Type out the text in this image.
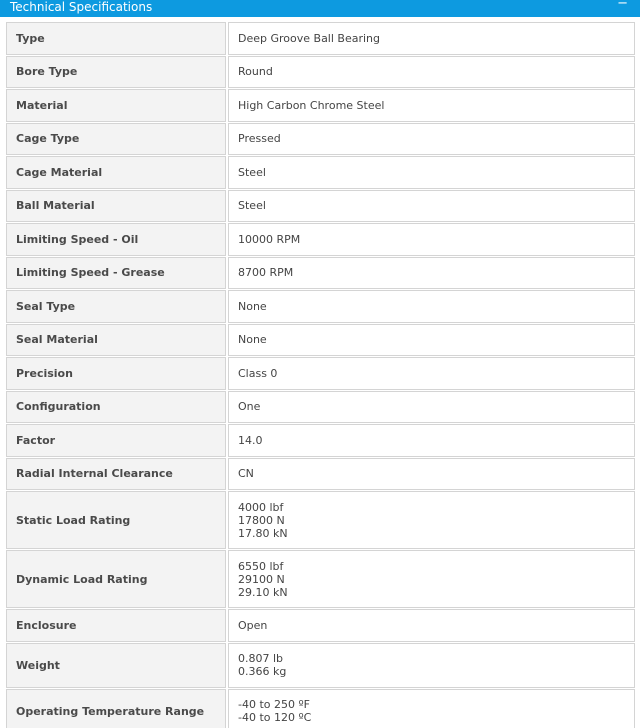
Technical Specifications	−
Type	Deep Groove Ball Bearing

Bore Type	Round

Material	High Carbon Chrome Steel

Cage Type	Pressed

Cage Material	Steel

Ball Material	Steel

Limiting Speed - Oil	10000 RPM

Limiting Speed - Grease	8700 RPM

Seal Type	None

Seal Material	None

Precision	Class 0

Configuration	One

Factor	14.0

Radial Internal Clearance	CN

Static Load Rating	4000 lbf
17800 N
17.80 kN

Dynamic Load Rating	6550 lbf
29100 N
29.10 kN

Enclosure	Open

Weight	0.807 lb
0.366 kg

Operating Temperature Range	-40 to 250 ºF
-40 to 120 ºC
